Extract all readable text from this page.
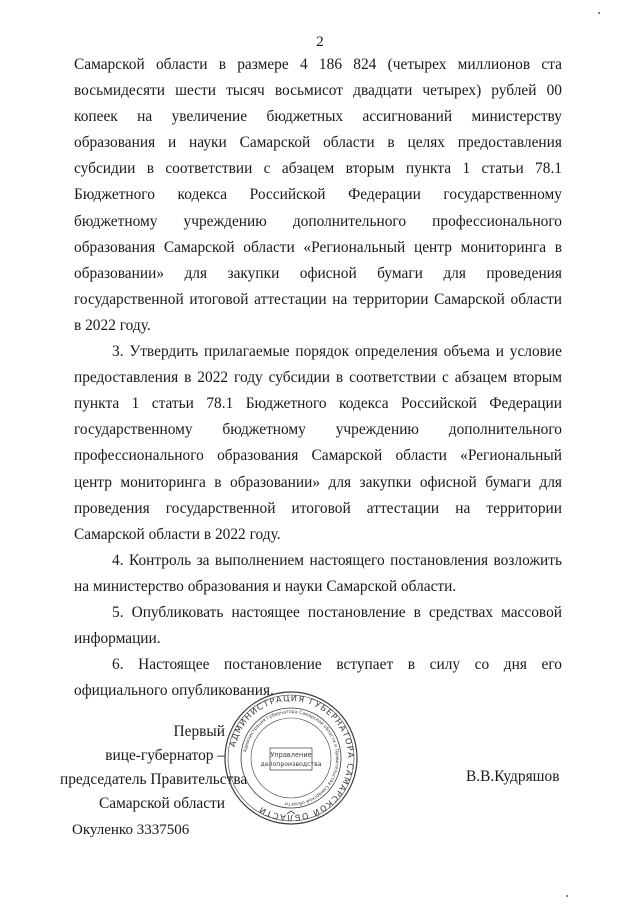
2

Самарской области в размере 4 186 824 (четырех миллионов ста восьмидесяти шести тысяч восьмисот двадцати четырех) рублей 00 копеек на увеличение бюджетных ассигнований министерству образования и науки Самарской области в целях предоставления субсидии в соответствии с абзацем вторым пункта 1 статьи 78.1 Бюджетного кодекса Российской Федерации государственному бюджетному учреждению дополнительного профессионального образования Самарской области «Региональный центр мониторинга в образовании» для закупки офисной бумаги для проведения государственной итоговой аттестации на территории Самарской области в 2022 году.

3. Утвердить прилагаемые порядок определения объема и условие предоставления в 2022 году субсидии в соответствии с абзацем вторым пункта 1 статьи 78.1 Бюджетного кодекса Российской Федерации государственному бюджетному учреждению дополнительного профессионального образования Самарской области «Региональный центр мониторинга в образовании» для закупки офисной бумаги для проведения государственной итоговой аттестации на территории Самарской области в 2022 году.

4. Контроль за выполнением настоящего постановления возложить на министерство образования и науки Самарской области.

5. Опубликовать настоящее постановление в средствах массовой информации.

6. Настоящее постановление вступает в силу со дня его официального опубликования.

Первый
вице-губернатор –
председатель Правительства
Самарской области
АДМИНИСТРАЦИЯ ГУБЕРНАТОРА САМАРСКОЙ ОБЛАСТИ
Администрация Губернатора Самарской области и Правительства Самарской области
Управление
делопроизводства
В.В.Кудряшов
Окуленко 3337506
